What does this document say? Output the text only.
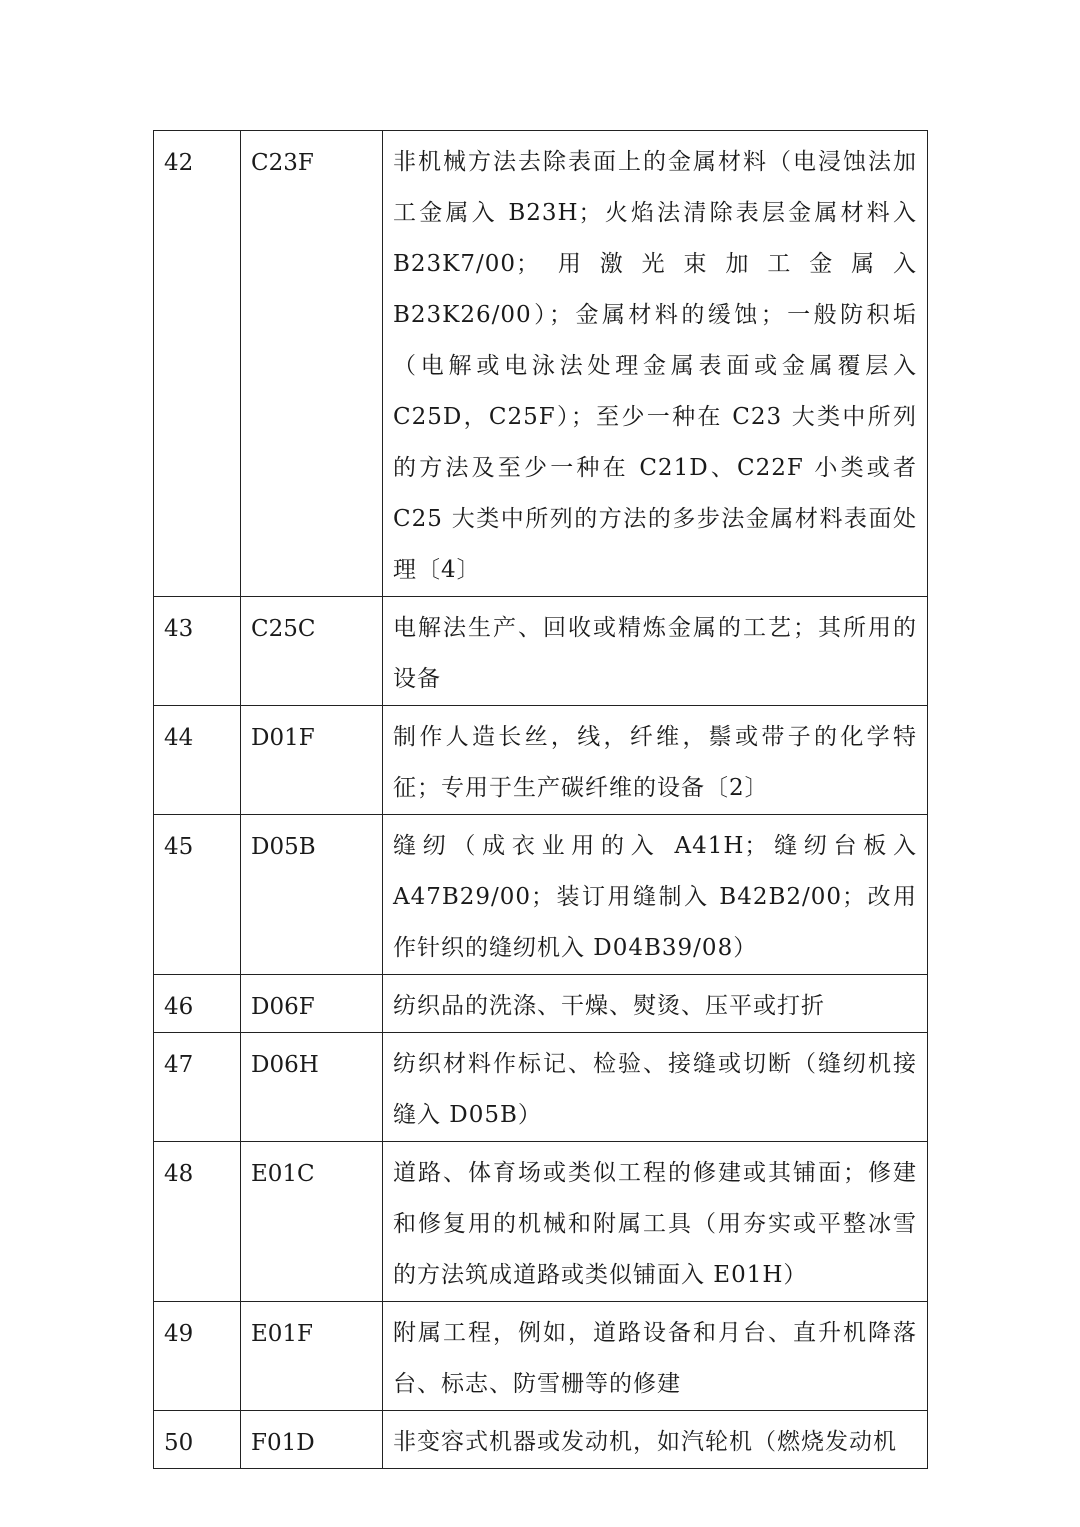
42	C23F	非机械方法去除表面上的金属材料（电浸蚀法加工金属入 B23H；火焰法清除表层金属材料入B23K7/00；用激光束加工金属入 B23K26/00）；金属材料的缓蚀；一般防积垢（电解或电泳法处理金属表面或金属覆层入 C25D，C25F）；至少一种在 C23 大类中所列的方法及至少一种在 C21D、C22F 小类或者 C25 大类中所列的方法的多步法金属材料表面处理〔4〕
43	C25C	电解法生产、回收或精炼金属的工艺；其所用的设备
44	D01F	制作人造长丝，线，纤维，鬃或带子的化学特征；专用于生产碳纤维的设备〔2〕
45	D05B	缝纫（成衣业用的入 A41H；缝纫台板入A47B29/00；装订用缝制入 B42B2/00；改用作针织的缝纫机入 D04B39/08）
46	D06F	纺织品的洗涤、干燥、熨烫、压平或打折
47	D06H	纺织材料作标记、检验、接缝或切断（缝纫机接缝入 D05B）
48	E01C	道路、体育场或类似工程的修建或其铺面；修建和修复用的机械和附属工具（用夯实或平整冰雪的方法筑成道路或类似铺面入 E01H）
49	E01F	附属工程，例如，道路设备和月台、直升机降落台、标志、防雪栅等的修建
50	F01D	非变容式机器或发动机，如汽轮机（燃烧发动机
